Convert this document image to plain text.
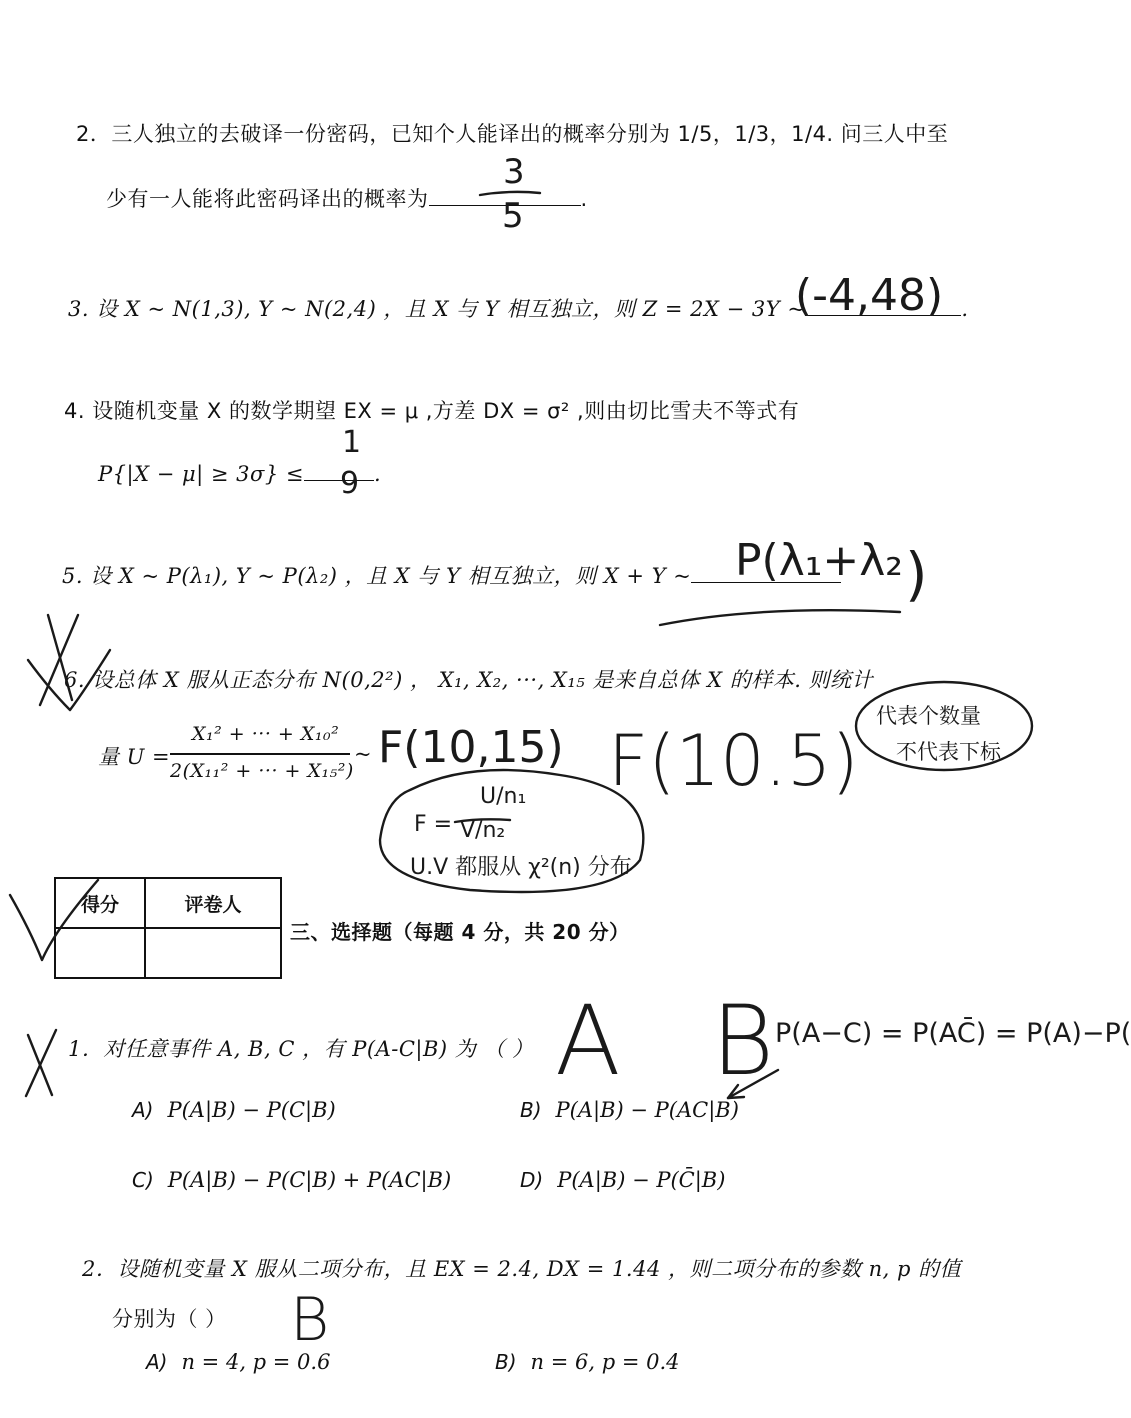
2．三人独立的去破译一份密码，已知个人能译出的概率分别为 1/5，1/3，1/4. 问三人中至
少有一人能将此密码译出的概率为	.
3
5
3. 设 X ~ N(1,3), Y ~ N(2,4) ，且 X 与 Y 相互独立，则 Z = 2X − 3Y ~	.
(-4,48)
4. 设随机变量 X 的数学期望 EX = μ ,方差 DX = σ² ,则由切比雪夫不等式有
P{|X − μ| ≥ 3σ} ≤	.
1
9
5. 设 X ~ P(λ₁), Y ~ P(λ₂) ，且 X 与 Y 相互独立，则 X + Y ~ P(λ₁+λ₂ )
6. 设总体 X 服从正态分布 N(0,2²) ， X₁, X₂, ···, X₁₅ 是来自总体 X 的样本. 则统计
量 U =
X₁² + ··· + X₁₀²
2(X₁₁² + ··· + X₁₅²)
~ F(10,15) F(10.5)
代表个数量
不代表下标
F =
U/n₁
V/n₂
U.V 都服从 χ²(n) 分布
得分	评卷人

三、选择题（每题 4 分，共 20 分）
1．对任意事件 A, B, C ，有 P(A-C|B) 为 （ ） A B
P(A−C) = P(AC̄) = P(A)−P(
A) P(A|B) − P(C|B)	B) P(A|B) − P(AC|B)
C) P(A|B) − P(C|B) + P(AC|B)	D) P(A|B) − P(C̄|B)
2．设随机变量 X 服从二项分布，且 EX = 2.4, DX = 1.44 ，则二项分布的参数 n, p 的值
分别为（ ） B
A) n = 4, p = 0.6	B) n = 6, p = 0.4
